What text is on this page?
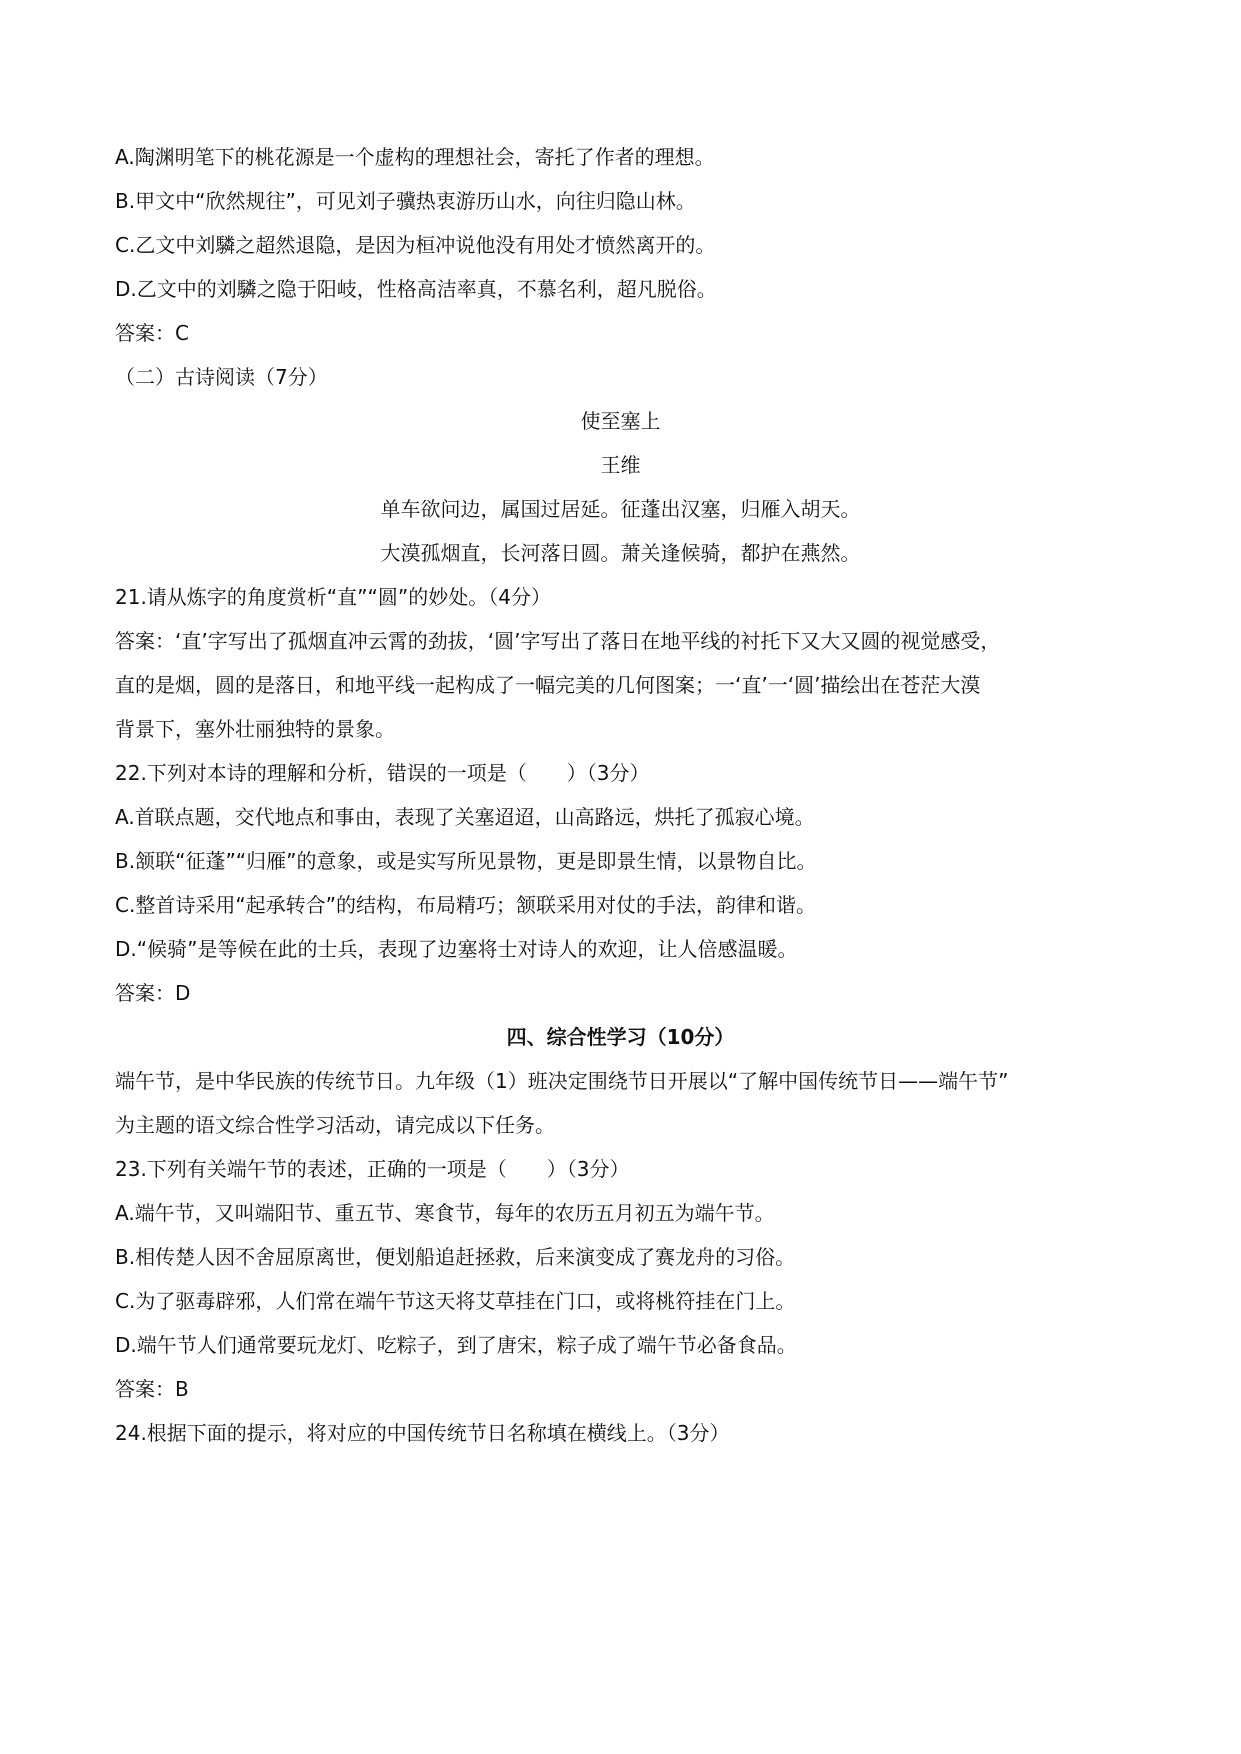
A.陶渊明笔下的桃花源是一个虚构的理想社会，寄托了作者的理想。
B.甲文中“欣然规往”，可见刘子骥热衷游历山水，向往归隐山林。
C.乙文中刘驎之超然退隐，是因为桓冲说他没有用处才愤然离开的。
D.乙文中的刘驎之隐于阳岐，性格高洁率真，不慕名利，超凡脱俗。
答案：C
（二）古诗阅读（7分）
使至塞上
王维
单车欲问边，属国过居延。征蓬出汉塞，归雁入胡天。
大漠孤烟直，长河落日圆。萧关逢候骑，都护在燕然。
21.请从炼字的角度赏析“直”“圆”的妙处。（4分）
答案：‘直’字写出了孤烟直冲云霄的劲拔，‘圆’字写出了落日在地平线的衬托下又大又圆的视觉感受，
直的是烟，圆的是落日，和地平线一起构成了一幅完美的几何图案；一‘直’一‘圆’描绘出在苍茫大漠
背景下，塞外壮丽独特的景象。
22.下列对本诗的理解和分析，错误的一项是（　　）（3分）
A.首联点题，交代地点和事由，表现了关塞迢迢，山高路远，烘托了孤寂心境。
B.颔联“征蓬”“归雁”的意象，或是实写所见景物，更是即景生情，以景物自比。
C.整首诗采用“起承转合”的结构，布局精巧；颔联采用对仗的手法，韵律和谐。
D.“候骑”是等候在此的士兵，表现了边塞将士对诗人的欢迎，让人倍感温暖。
答案：D
四、综合性学习（10分）
端午节，是中华民族的传统节日。九年级（1）班决定围绕节日开展以“了解中国传统节日——端午节”
为主题的语文综合性学习活动，请完成以下任务。
23.下列有关端午节的表述，正确的一项是（　　）（3分）
A.端午节，又叫端阳节、重五节、寒食节，每年的农历五月初五为端午节。
B.相传楚人因不舍屈原离世，便划船追赶拯救，后来演变成了赛龙舟的习俗。
C.为了驱毒辟邪，人们常在端午节这天将艾草挂在门口，或将桃符挂在门上。
D.端午节人们通常要玩龙灯、吃粽子，到了唐宋，粽子成了端午节必备食品。
答案：B
24.根据下面的提示，将对应的中国传统节日名称填在横线上。（3分）
